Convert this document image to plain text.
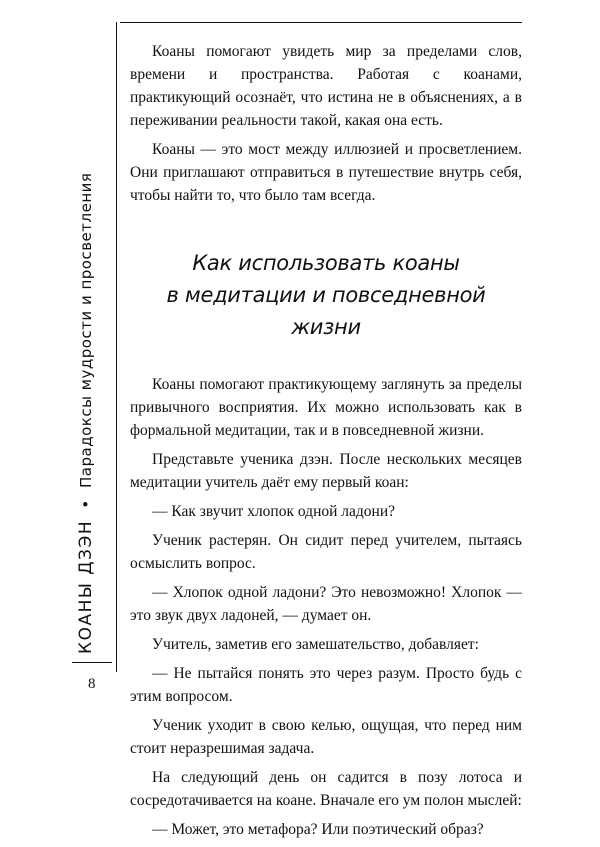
КОАНЫ ДЗЭН • Парадоксы мудрости и просветления
8

Коаны помогают увидеть мир за пределами слов, времени и пространства. Работая с коанами, практикующий осознаёт, что истина не в объяснениях, а в переживании реальности такой, какая она есть.

Коаны — это мост между иллюзией и просветлением. Они приглашают отправиться в путешествие внутрь себя, чтобы найти то, что было там всегда.

Как использовать коаны
в медитации и повседневной жизни

Коаны помогают практикующему заглянуть за пределы привычного восприятия. Их можно использовать как в формальной медитации, так и в повседневной жизни.

Представьте ученика дзэн. После нескольких месяцев медитации учитель даёт ему первый коан:

— Как звучит хлопок одной ладони?

Ученик растерян. Он сидит перед учителем, пытаясь осмыслить вопрос.

— Хлопок одной ладони? Это невозможно! Хлопок — это звук двух ладоней, — думает он.

Учитель, заметив его замешательство, добавляет:

— Не пытайся понять это через разум. Просто будь с этим вопросом.

Ученик уходит в свою келью, ощущая, что перед ним стоит неразрешимая задача.

На следующий день он садится в позу лотоса и сосредотачивается на коане. Вначале его ум полон мыслей:

— Может, это метафора? Или поэтический образ?
